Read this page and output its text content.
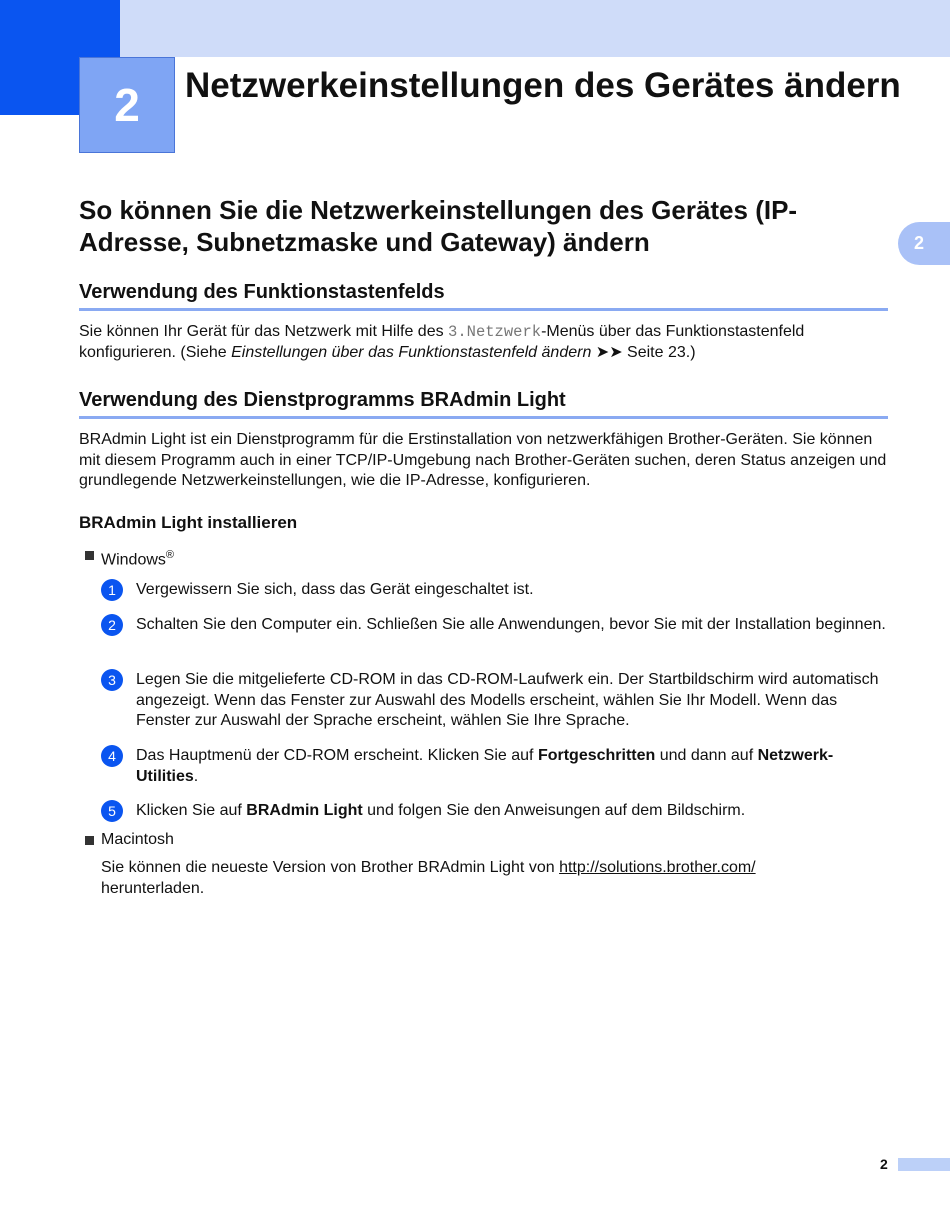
2 Netzwerkeinstellungen des Gerätes ändern
2
So können Sie die Netzwerkeinstellungen des Gerätes (IP-Adresse, Subnetzmaske und Gateway) ändern
Verwendung des Funktionstastenfelds

Sie können Ihr Gerät für das Netzwerk mit Hilfe des 3.Netzwerk-Menüs über das Funktionstastenfeld konfigurieren. (Siehe Einstellungen über das Funktionstastenfeld ändern ➤➤ Seite 23.)

Verwendung des Dienstprogramms BRAdmin Light

BRAdmin Light ist ein Dienstprogramm für die Erstinstallation von netzwerkfähigen Brother-Geräten. Sie können mit diesem Programm auch in einer TCP/IP-Umgebung nach Brother-Geräten suchen, deren Status anzeigen und grundlegende Netzwerkeinstellungen, wie die IP-Adresse, konfigurieren.

BRAdmin Light installieren
Windows®
1	Vergewissern Sie sich, dass das Gerät eingeschaltet ist.
2	Schalten Sie den Computer ein. Schließen Sie alle Anwendungen, bevor Sie mit der Installation beginnen.
3	Legen Sie die mitgelieferte CD-ROM in das CD-ROM-Laufwerk ein. Der Startbildschirm wird automatisch angezeigt. Wenn das Fenster zur Auswahl des Modells erscheint, wählen Sie Ihr Modell. Wenn das Fenster zur Auswahl der Sprache erscheint, wählen Sie Ihre Sprache.
4	Das Hauptmenü der CD-ROM erscheint. Klicken Sie auf Fortgeschritten und dann auf Netzwerk-Utilities.
5	Klicken Sie auf BRAdmin Light und folgen Sie den Anweisungen auf dem Bildschirm.
Macintosh

Sie können die neueste Version von Brother BRAdmin Light von http://solutions.brother.com/ herunterladen.

2
